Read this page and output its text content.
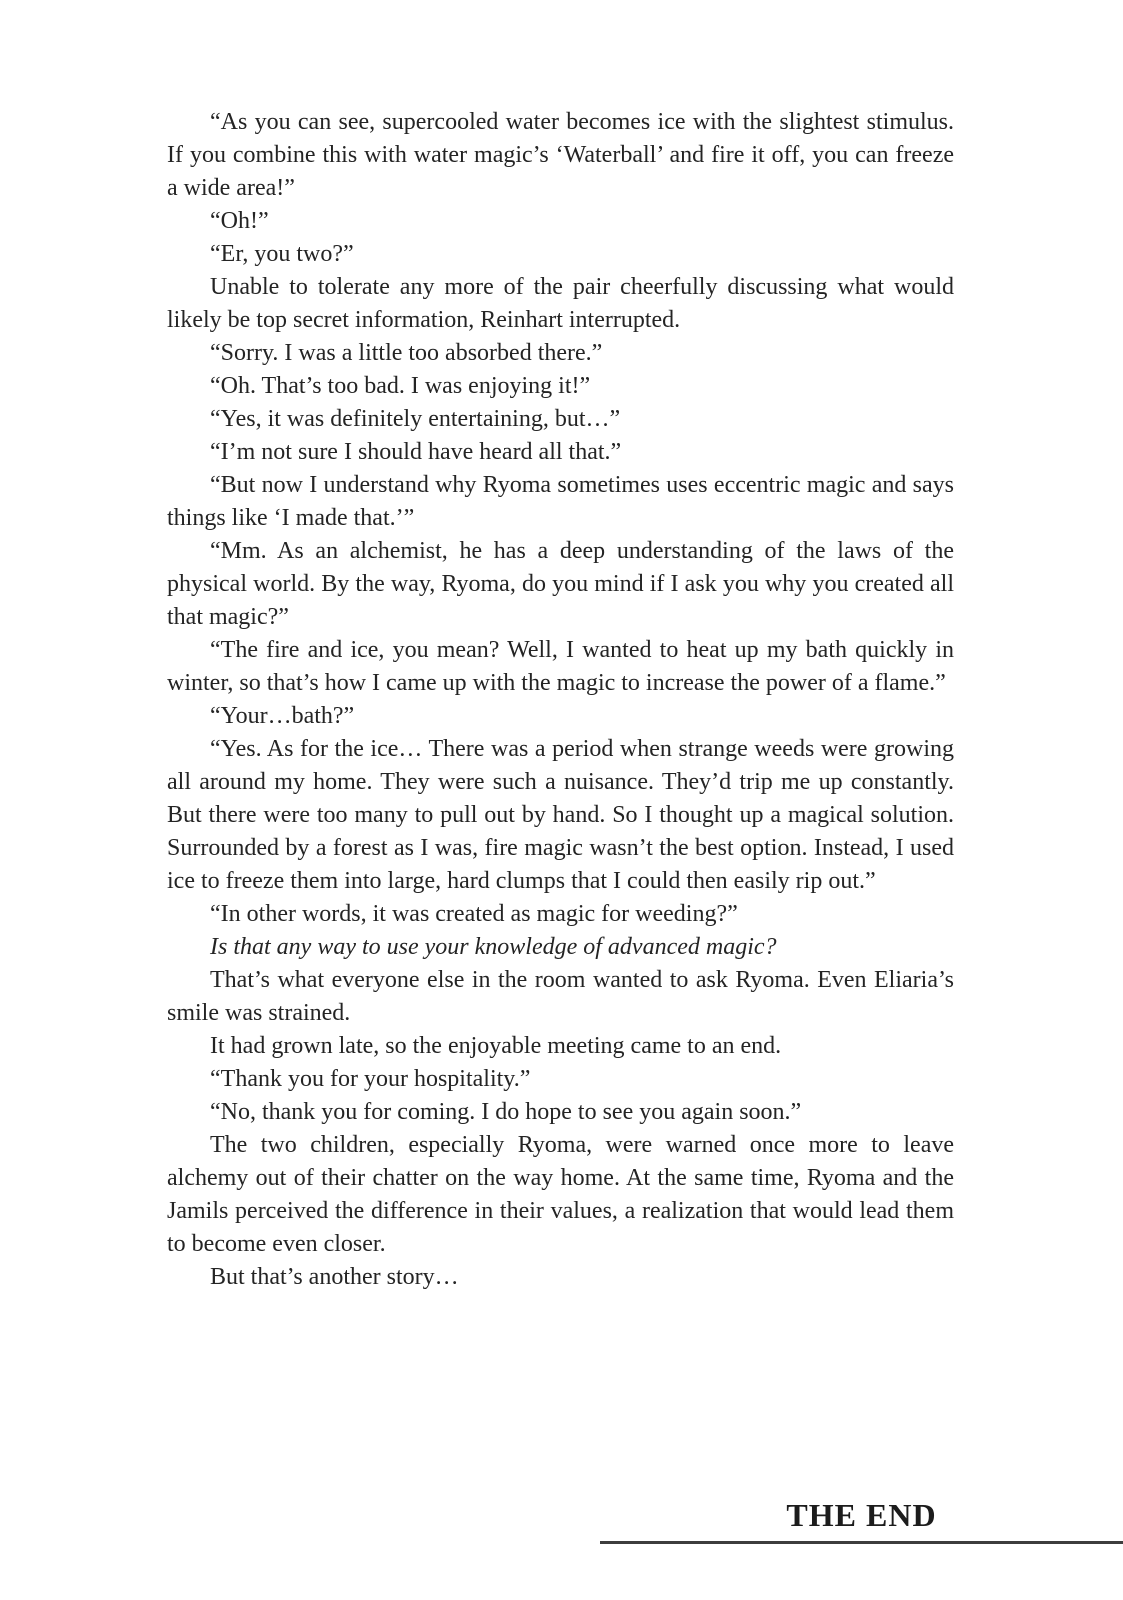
“As you can see, supercooled water becomes ice with the slightest stimulus. If you combine this with water magic’s ‘Waterball’ and fire it off, you can freeze a wide area!”

“Oh!”

“Er, you two?”

Unable to tolerate any more of the pair cheerfully discussing what would likely be top secret information, Reinhart interrupted.

“Sorry. I was a little too absorbed there.”

“Oh. That’s too bad. I was enjoying it!”

“Yes, it was definitely entertaining, but…”

“I’m not sure I should have heard all that.”

“But now I understand why Ryoma sometimes uses eccentric magic and says things like ‘I made that.’”

“Mm. As an alchemist, he has a deep understanding of the laws of the physical world. By the way, Ryoma, do you mind if I ask you why you created all that magic?”

“The fire and ice, you mean? Well, I wanted to heat up my bath quickly in winter, so that’s how I came up with the magic to increase the power of a flame.”

“Your…bath?”

“Yes. As for the ice… There was a period when strange weeds were growing all around my home. They were such a nuisance. They’d trip me up constantly. But there were too many to pull out by hand. So I thought up a magical solution. Surrounded by a forest as I was, fire magic wasn’t the best option. Instead, I used ice to freeze them into large, hard clumps that I could then easily rip out.”

“In other words, it was created as magic for weeding?”

Is that any way to use your knowledge of advanced magic?

That’s what everyone else in the room wanted to ask Ryoma. Even Eliaria’s smile was strained.

It had grown late, so the enjoyable meeting came to an end.

“Thank you for your hospitality.”

“No, thank you for coming. I do hope to see you again soon.”

The two children, especially Ryoma, were warned once more to leave alchemy out of their chatter on the way home. At the same time, Ryoma and the Jamils perceived the difference in their values, a realization that would lead them to become even closer.

But that’s another story…

THE END
